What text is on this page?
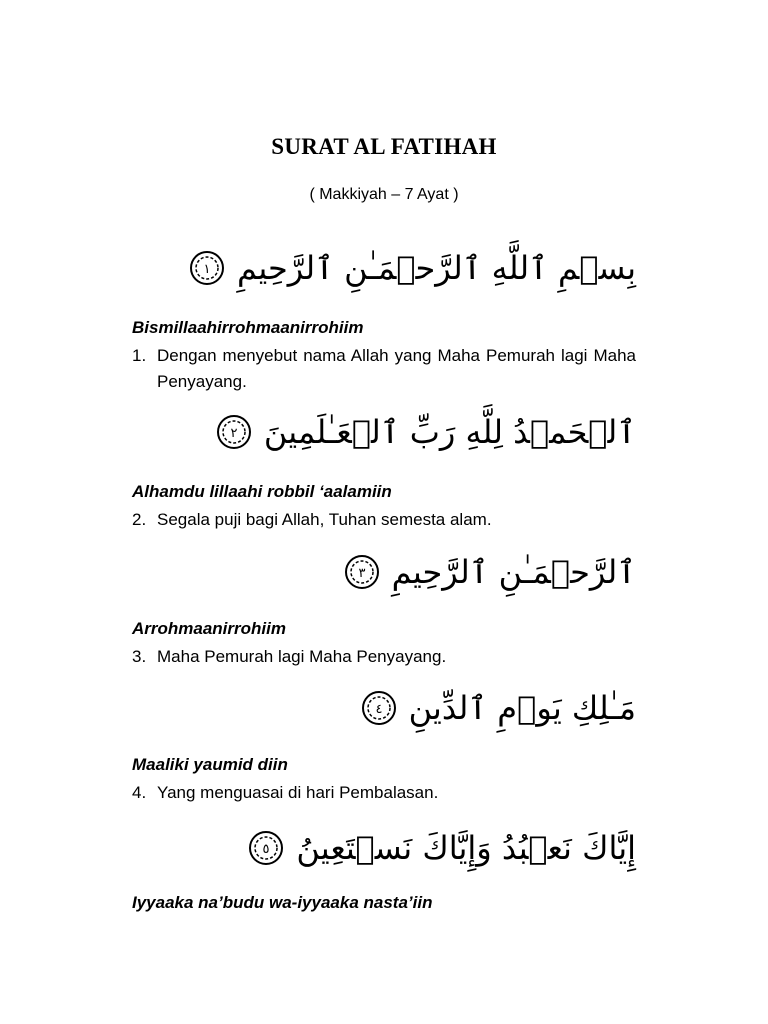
SURAT AL FATIHAH
( Makkiyah – 7 Ayat )
١ بِسۡمِ ٱللَّهِ ٱلرَّحۡمَـٰنِ ٱلرَّحِيمِ
Bismillaahirrohmaanirrohiim
1. Dengan menyebut nama Allah yang Maha Pemurah lagi Maha Penyayang.
٢ ٱلۡحَمۡدُ لِلَّهِ رَبِّ ٱلۡعَـٰلَمِينَ
Alhamdu lillaahi robbil ‘aalamiin
2. Segala puji bagi Allah, Tuhan semesta alam.
٣ ٱلرَّحۡمَـٰنِ ٱلرَّحِيمِ
Arrohmaanirrohiim
3. Maha Pemurah lagi Maha Penyayang.
٤ مَـٰلِكِ يَوۡمِ ٱلدِّينِ
Maaliki yaumid diin
4. Yang menguasai di hari Pembalasan.
٥ إِيَّاكَ نَعۡبُدُ وَإِيَّاكَ نَسۡتَعِينُ
Iyyaaka na’budu wa-iyyaaka nasta’iin
